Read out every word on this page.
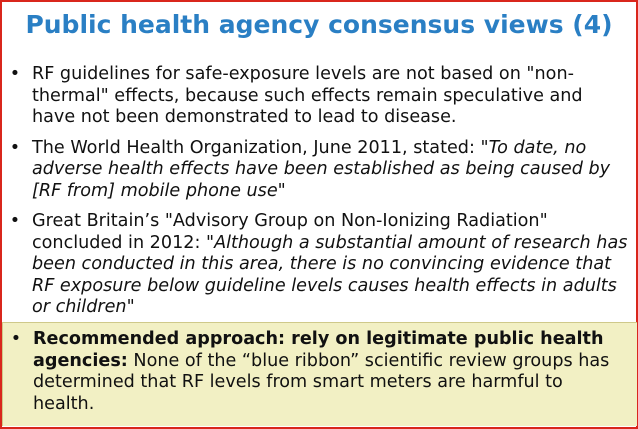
Public health agency consensus views (4)
• RF guidelines for safe-exposure levels are not based on "non-thermal" effects, because such effects remain speculative and have not been demonstrated to lead to disease.
• The World Health Organization, June 2011, stated: "To date, no adverse health effects have been established as being caused by [RF from] mobile phone use"
• Great Britain’s "Advisory Group on Non-Ionizing Radiation" concluded in 2012: "Although a substantial amount of research has been conducted in this area, there is no convincing evidence that RF exposure below guideline levels causes health effects in adults or children"
• Recommended approach: rely on legitimate public health agencies: None of the “blue ribbon” scientific review groups has determined that RF levels from smart meters are harmful to health.
